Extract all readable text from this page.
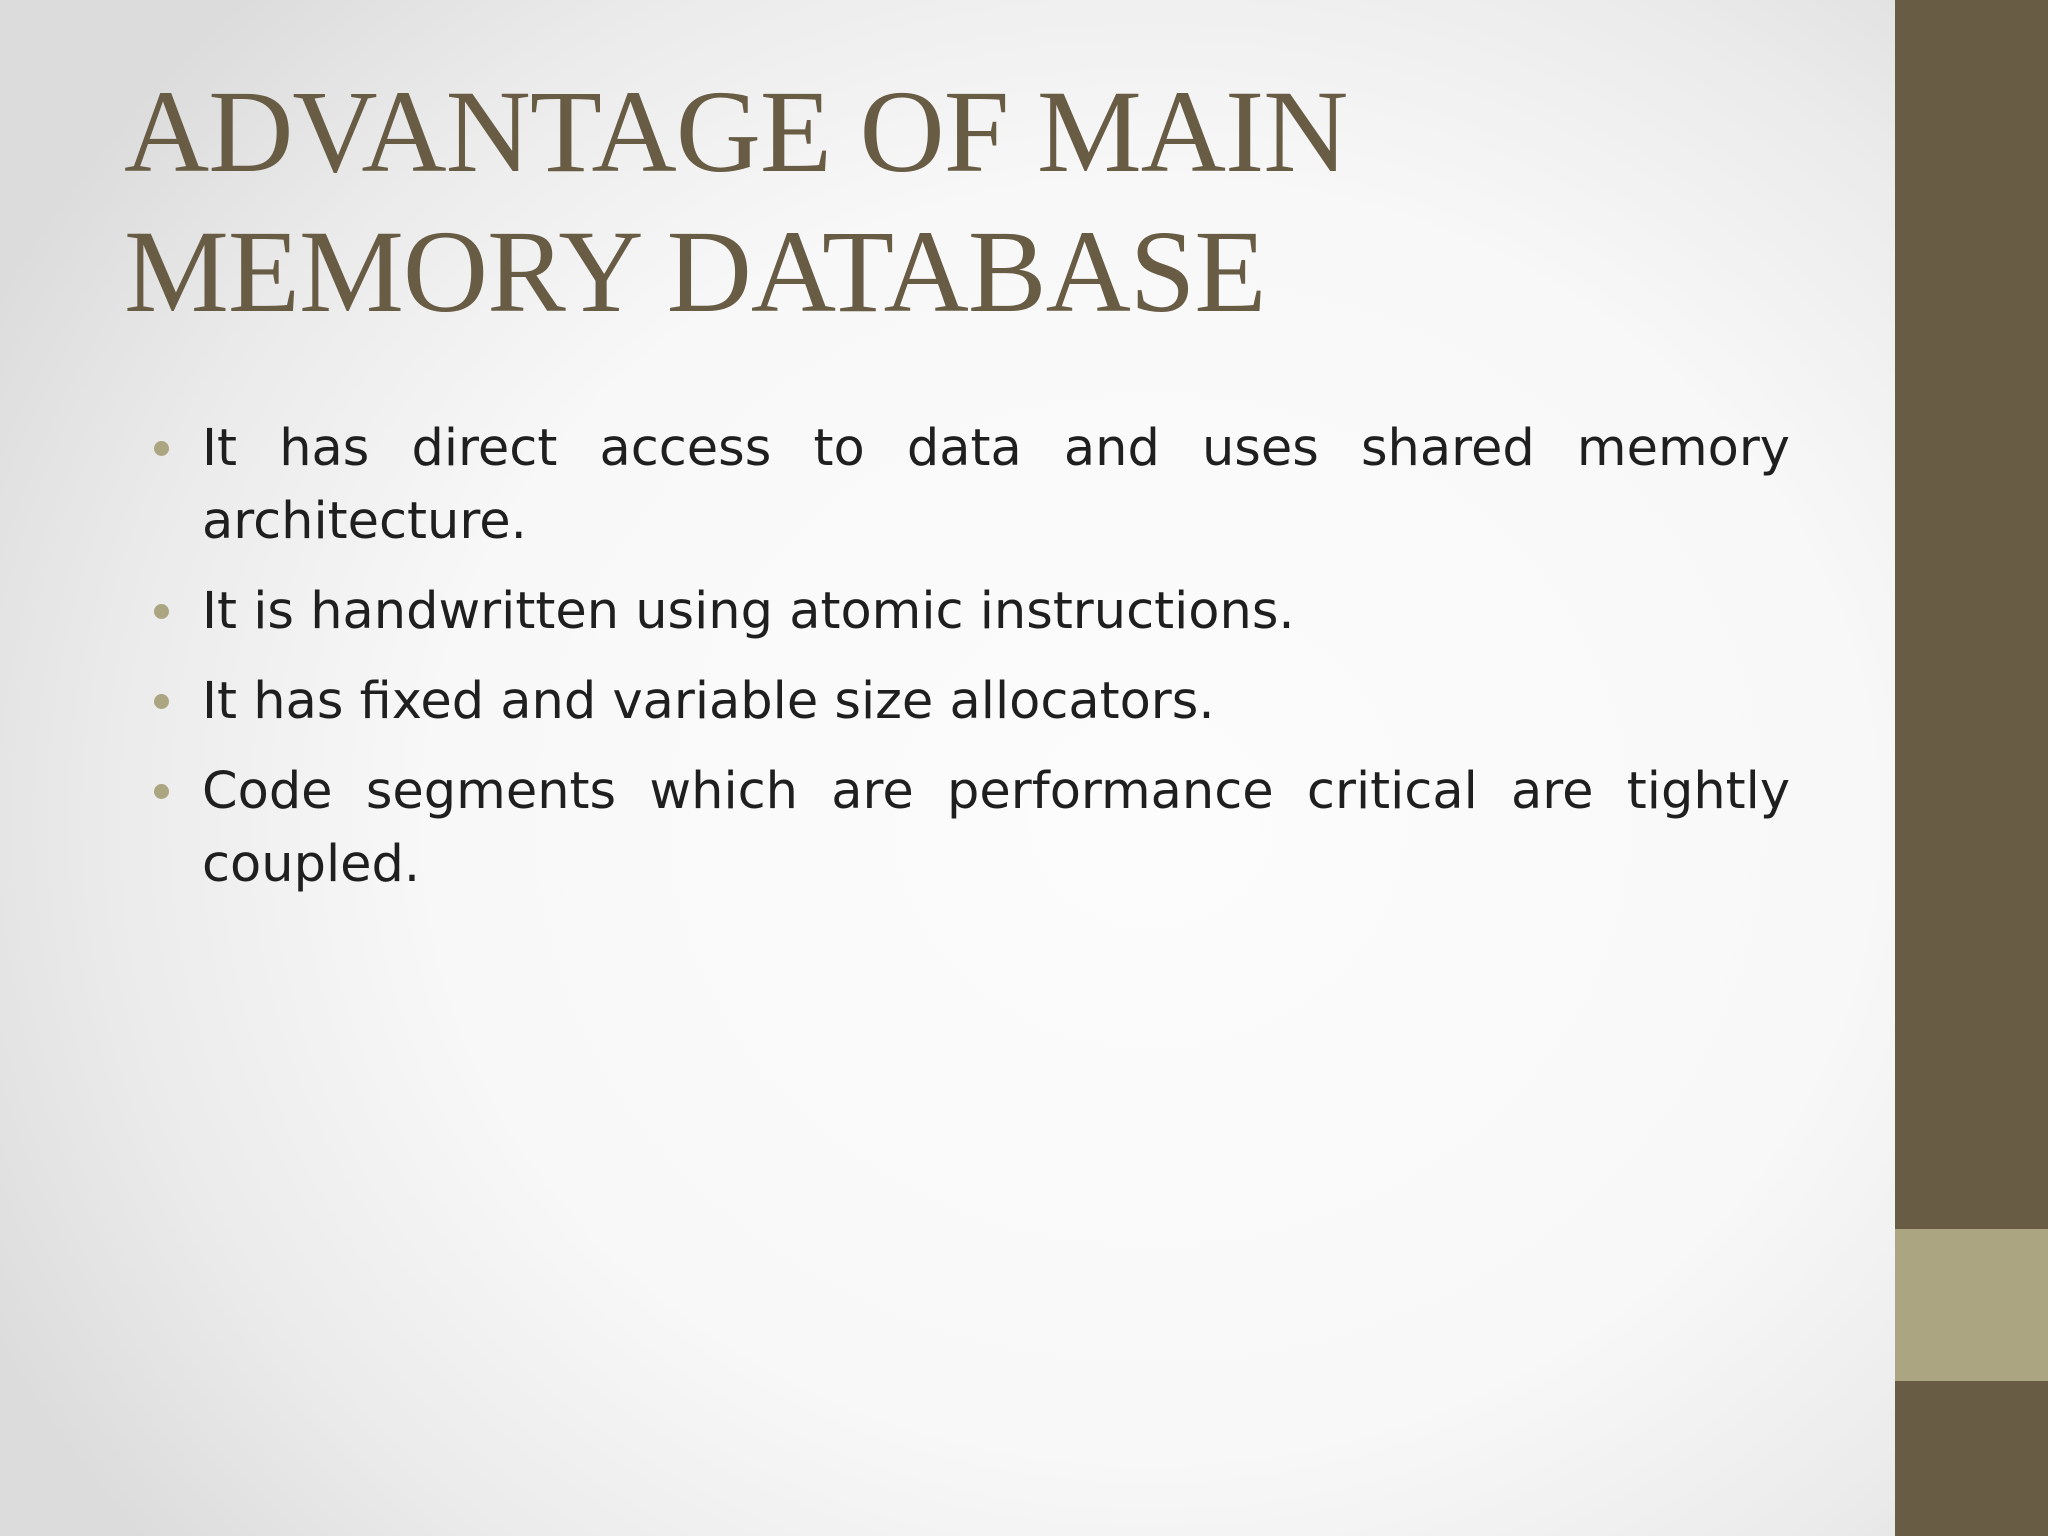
ADVANTAGE OF MAIN MEMORY DATABASE
It has direct access to data and uses shared memory architecture.
It is handwritten using atomic instructions.
It has fixed and variable size allocators.
Code segments which are performance critical are tightly coupled.
